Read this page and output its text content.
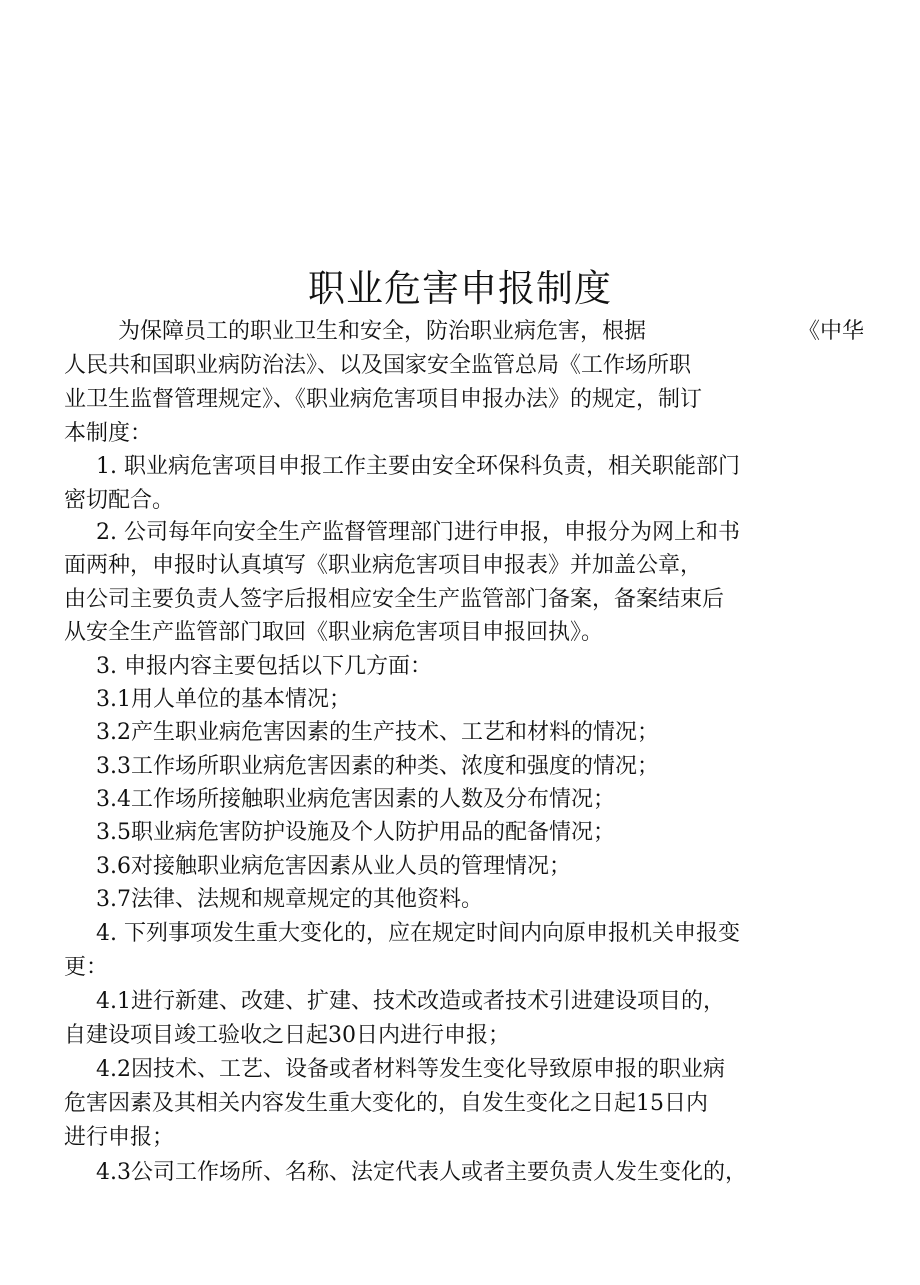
职业危害申报制度
为保障员工的职业卫生和安全，防治职业病危害，根据	《中华
人民共和国职业病防治法》、以及国家安全监管总局《工作场所职
业卫生监督管理规定》、《职业病危害项目申报办法》的规定，制订
本制度：
1. 职业病危害项目申报工作主要由安全环保科负责，相关职能部门
密切配合。
2. 公司每年向安全生产监督管理部门进行申报，申报分为网上和书
面两种，申报时认真填写《职业病危害项目申报表》并加盖公章，
由公司主要负责人签字后报相应安全生产监管部门备案，备案结束后
从安全生产监管部门取回《职业病危害项目申报回执》。
3. 申报内容主要包括以下几方面：
3.1用人单位的基本情况；
3.2产生职业病危害因素的生产技术、工艺和材料的情况；
3.3工作场所职业病危害因素的种类、浓度和强度的情况；
3.4工作场所接触职业病危害因素的人数及分布情况；
3.5职业病危害防护设施及个人防护用品的配备情况；
3.6对接触职业病危害因素从业人员的管理情况；
3.7法律、法规和规章规定的其他资料。
4. 下列事项发生重大变化的，应在规定时间内向原申报机关申报变
更：
4.1进行新建、改建、扩建、技术改造或者技术引进建设项目的，
自建设项目竣工验收之日起30日内进行申报；
4.2因技术、工艺、设备或者材料等发生变化导致原申报的职业病
危害因素及其相关内容发生重大变化的，自发生变化之日起15日内
进行申报；
4.3公司工作场所、名称、法定代表人或者主要负责人发生变化的，
